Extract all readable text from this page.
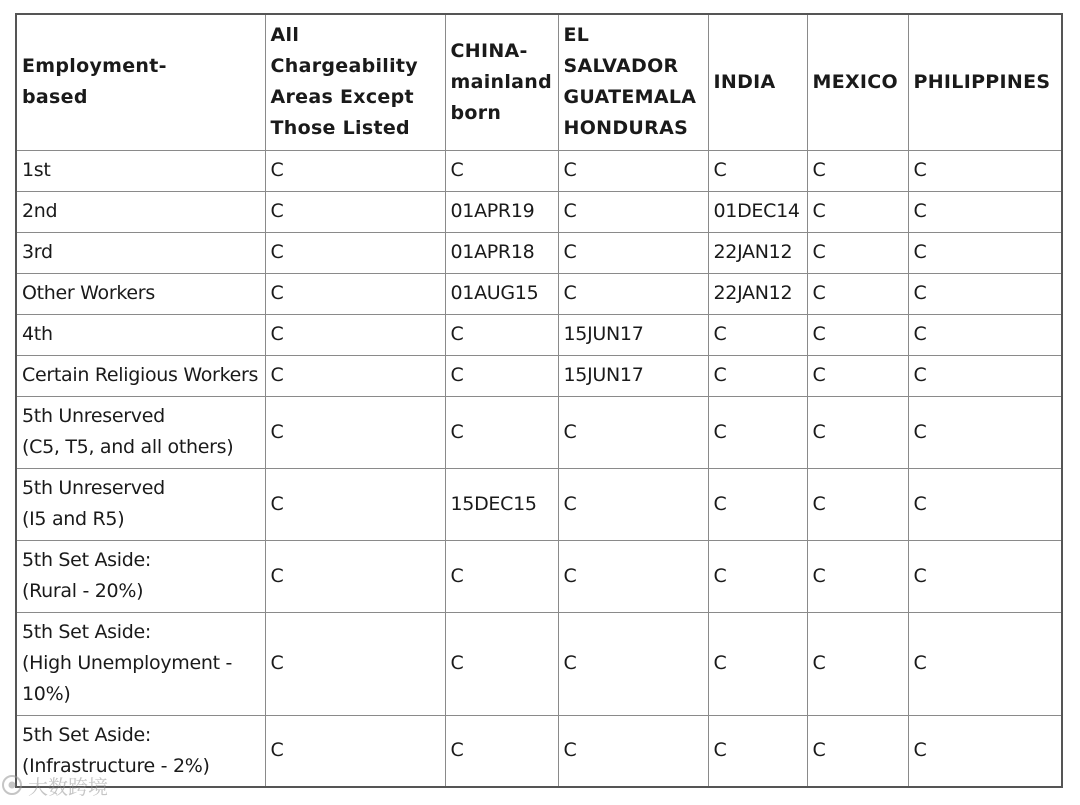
Employment-
based	All
Chargeability
Areas Except
Those Listed	CHINA-
mainland
born	EL
SALVADOR
GUATEMALA
HONDURAS	INDIA	MEXICO	PHILIPPINES

1st	C	C	C	C	C	C

2nd	C	01APR19	C	01DEC14	C	C

3rd	C	01APR18	C	22JAN12	C	C

Other Workers	C	01AUG15	C	22JAN12	C	C

4th	C	C	15JUN17	C	C	C

Certain Religious Workers	C	C	15JUN17	C	C	C

5th Unreserved
(C5, T5, and all others)	C	C	C	C	C	C

5th Unreserved
(I5 and R5)	C	15DEC15	C	C	C	C

5th Set Aside:
(Rural - 20%)	C	C	C	C	C	C

5th Set Aside:
(High Unemployment -
10%)	C	C	C	C	C	C

5th Set Aside:
(Infrastructure - 2%)	C	C	C	C	C	C
大数跨境
